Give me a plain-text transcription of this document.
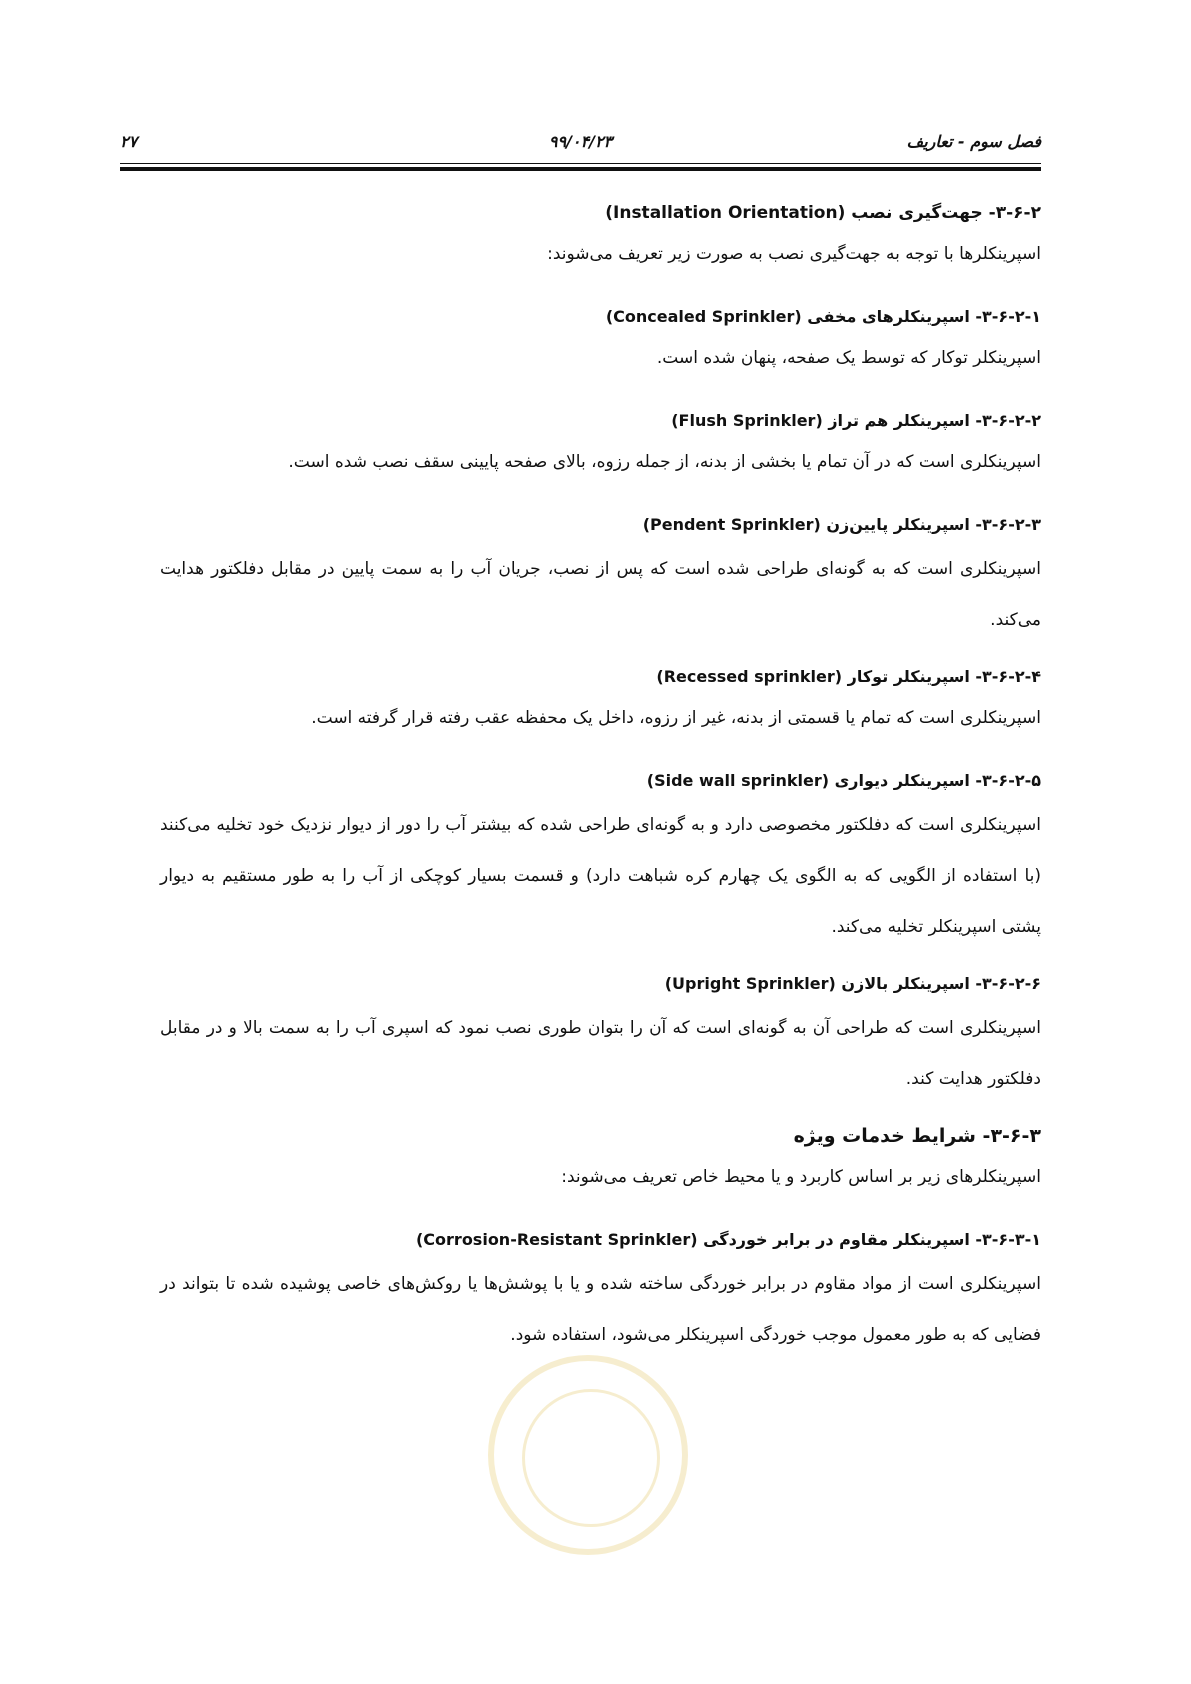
فصل سوم - تعاریف
۹۹/۰۴/۲۳
۲۷

۳-۶-۲- جهت‌گیری نصب (Installation Orientation)

اسپرینکلرها با توجه به جهت‌گیری نصب به صورت زیر تعریف می‌شوند:

۳-۶-۲-۱- اسپرینکلرهای مخفی (Concealed Sprinkler)

اسپرینکلر توکار که توسط یک صفحه، پنهان شده است.

۳-۶-۲-۲- اسپرینکلر هم تراز (Flush Sprinkler)

اسپرینکلری است که در آن تمام یا بخشی از بدنه، از جمله رزوه، بالای صفحه پایینی سقف نصب شده است.

۳-۶-۲-۳- اسپرینکلر پایین‌زن (Pendent Sprinkler)

اسپرینکلری است که به گونه‌ای طراحی شده است که پس از نصب، جریان آب را به سمت پایین در مقابل دفلکتور هدایت می‌کند.

۳-۶-۲-۴- اسپرینکلر توکار (Recessed sprinkler)

اسپرینکلری است که تمام یا قسمتی از بدنه، غیر از رزوه، داخل یک محفظه عقب رفته قرار گرفته است.

۳-۶-۲-۵- اسپرینکلر دیواری (Side wall sprinkler)

اسپرینکلری است که دفلکتور مخصوصی دارد و به گونه‌ای طراحی شده که بیشتر آب را دور از دیوار نزدیک خود تخلیه می‌کنند (با استفاده از الگویی که به الگوی یک چهارم کره شباهت دارد) و قسمت بسیار کوچکی از آب را به طور مستقیم به دیوار پشتی اسپرینکلر تخلیه می‌کند.

۳-۶-۲-۶- اسپرینکلر بالازن (Upright Sprinkler)

اسپرینکلری است که طراحی آن به گونه‌ای است که آن را بتوان طوری نصب نمود که اسپری آب را به سمت بالا و در مقابل دفلکتور هدایت کند.

۳-۶-۳- شرایط خدمات ویژه

اسپرینکلرهای زیر بر اساس کاربرد و یا محیط خاص تعریف می‌شوند:

۳-۶-۳-۱- اسپرینکلر مقاوم در برابر خوردگی (Corrosion-Resistant Sprinkler)

اسپرینکلری است از مواد مقاوم در برابر خوردگی ساخته شده و یا با پوشش‌ها یا روکش‌های خاصی پوشیده شده تا بتواند در فضایی که به طور معمول موجب خوردگی اسپرینکلر می‌شود، استفاده شود.
